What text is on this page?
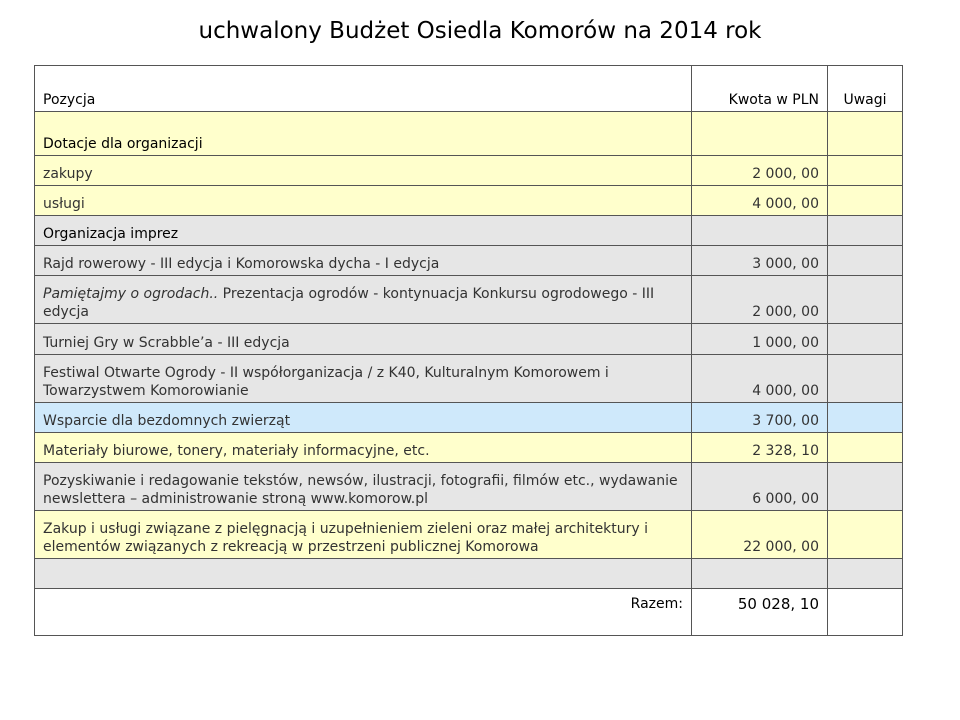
uchwalony Budżet Osiedla Komorów na 2014 rok
Pozycja	Kwota w PLN	Uwagi
Dotacje dla organizacji		
zakupy	2 000, 00	
usługi	4 000, 00	
Organizacja imprez		
Rajd rowerowy - III edycja i Komorowska dycha - I edycja	3 000, 00	
Pamiętajmy o ogrodach.. Prezentacja ogrodów - kontynuacja Konkursu ogrodowego - III edycja	2 000, 00	
Turniej Gry w Scrabble’a - III edycja	1 000, 00	
Festiwal Otwarte Ogrody - II współorganizacja / z K40, Kulturalnym Komorowem i Towarzystwem Komorowianie	4 000, 00	
Wsparcie dla bezdomnych zwierząt	3 700, 00	
Materiały biurowe, tonery, materiały informacyjne, etc.	2 328, 10	
Pozyskiwanie i redagowanie tekstów, newsów, ilustracji, fotografii, filmów etc., wydawanie newslettera – administrowanie stroną www.komorow.pl	6 000, 00	
Zakup i usługi związane z pielęgnacją i uzupełnieniem zieleni oraz małej architektury i elementów związanych z rekreacją w przestrzeni publicznej Komorowa	22 000, 00	

Razem:	50 028, 10	
